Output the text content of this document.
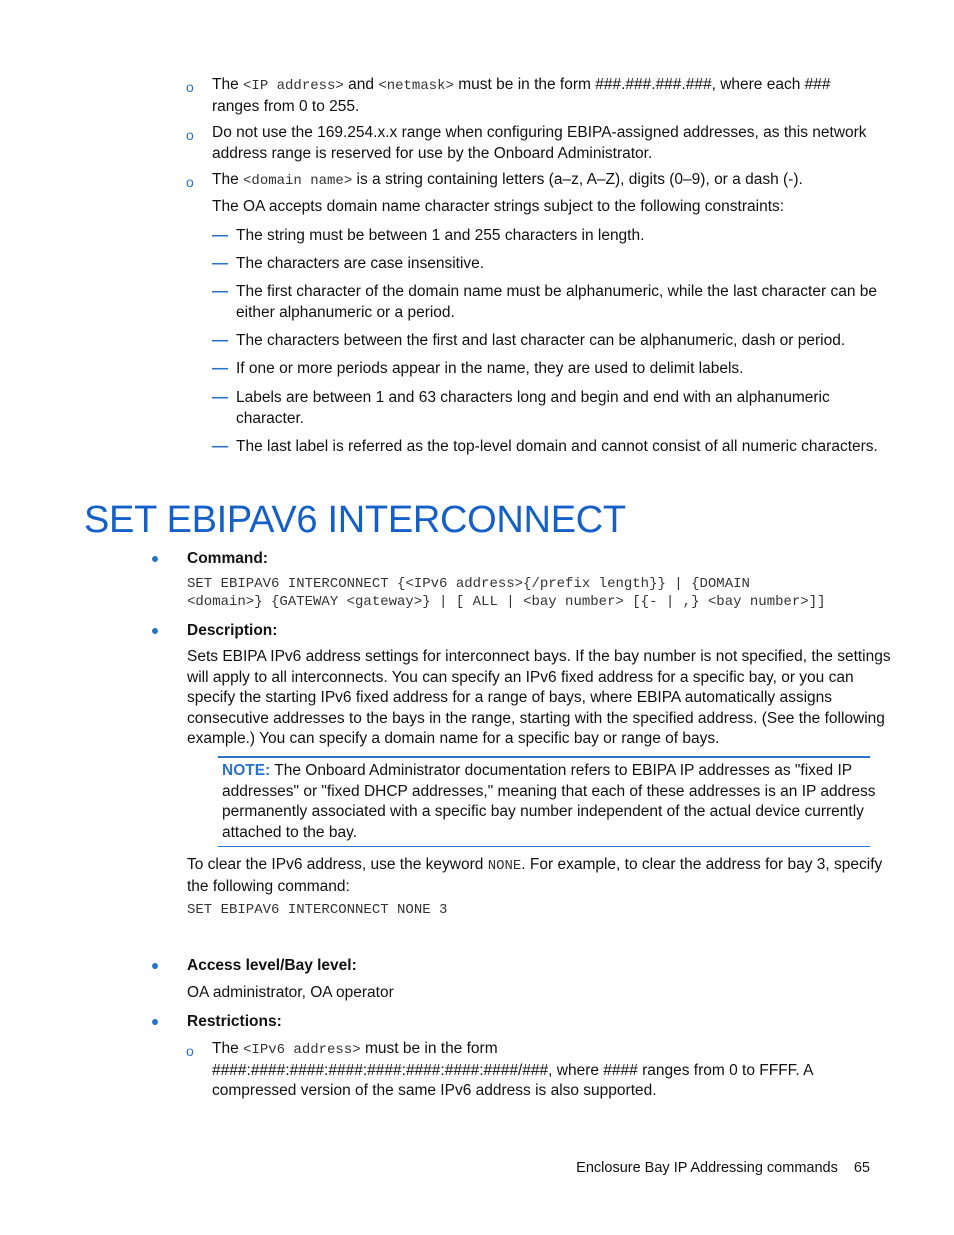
o The <IP address> and <netmask> must be in the form ###.###.###.###, where each ###
ranges from 0 to 255.
o Do not use the 169.254.x.x range when configuring EBIPA-assigned addresses, as this network
address range is reserved for use by the Onboard Administrator.
o The <domain name> is a string containing letters (a–z, A–Z), digits (0–9), or a dash (-).
The OA accepts domain name character strings subject to the following constraints:
— The string must be between 1 and 255 characters in length.
— The characters are case insensitive.
— The first character of the domain name must be alphanumeric, while the last character can be
either alphanumeric or a period.
— The characters between the first and last character can be alphanumeric, dash or period.
— If one or more periods appear in the name, they are used to delimit labels.
— Labels are between 1 and 63 characters long and begin and end with an alphanumeric
character.
— The last label is referred as the top-level domain and cannot consist of all numeric characters.
SET EBIPAV6 INTERCONNECT
Command:
SET EBIPAV6 INTERCONNECT {<IPv6 address>{/prefix length}} | {DOMAIN
<domain>} {GATEWAY <gateway>} | [ ALL | <bay number> [{- | ,} <bay number>]]
Description:
Sets EBIPA IPv6 address settings for interconnect bays. If the bay number is not specified, the settings
will apply to all interconnects. You can specify an IPv6 fixed address for a specific bay, or you can
specify the starting IPv6 fixed address for a range of bays, where EBIPA automatically assigns
consecutive addresses to the bays in the range, starting with the specified address. (See the following
example.) You can specify a domain name for a specific bay or range of bays.
NOTE: The Onboard Administrator documentation refers to EBIPA IP addresses as "fixed IP
addresses" or "fixed DHCP addresses," meaning that each of these addresses is an IP address
permanently associated with a specific bay number independent of the actual device currently
attached to the bay.
To clear the IPv6 address, use the keyword NONE. For example, to clear the address for bay 3, specify
the following command:
SET EBIPAV6 INTERCONNECT NONE 3
Access level/Bay level:
OA administrator, OA operator
Restrictions:
o The <IPv6 address> must be in the form
####:####:####:####:####:####:####:####/###, where #### ranges from 0 to FFFF. A
compressed version of the same IPv6 address is also supported.
Enclosure Bay IP Addressing commands 65
